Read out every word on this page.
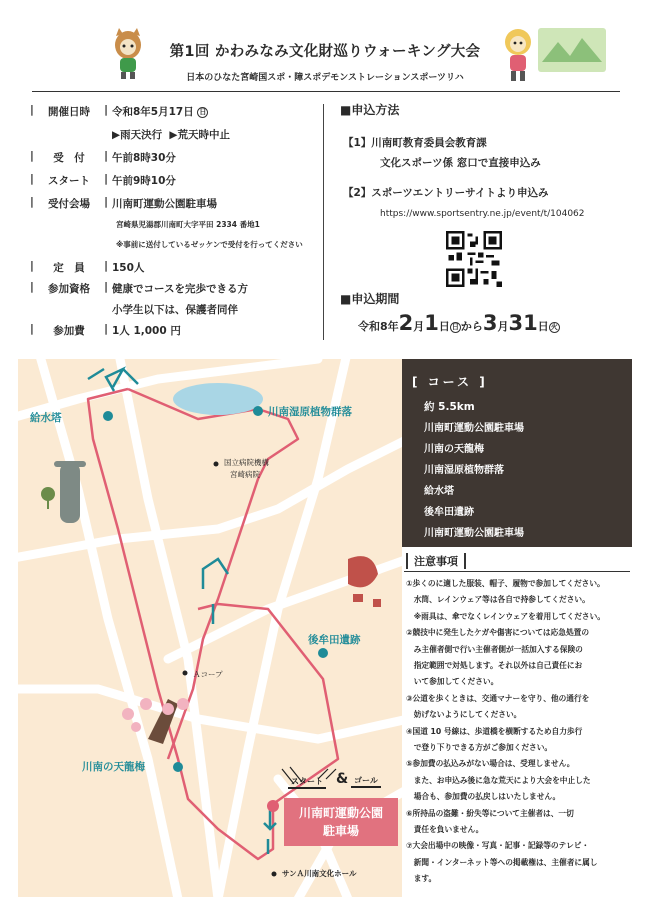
第1回 かわみなみ文化財巡りウォーキング大会
日本のひなた宮崎国スポ・障スポデモンストレーションスポーツリハ
| 開催日時 | 令和8年5月17日 日
▶雨天決行 ▶荒天時中止
| 受　付 | 午前8時30分
| スタート | 午前9時10分
| 受付会場 | 川南町運動公園駐車場
宮崎県児湯郡川南町大字平田 2334 番地1
※事前に送付しているゼッケンで受付を行ってください
| 定　員 | 150人
| 参加資格 | 健康でコースを完歩できる方
小学生以下は、保護者同伴
| 参加費 | 1人 1,000 円
■申込方法
【1】川南町教育委員会教育課
文化スポーツ係 窓口で直接申込み
【2】スポーツエントリーサイトより申込み
https://www.sportsentry.ne.jp/event/t/104062
■申込期間
令和8年2月1日 日 から3月31日 火
給水塔	川南湿原植物群落
国立病院機構
宮崎病院
後牟田遺跡
Ａコープ
川南の天龍梅
スタート & ゴール
サンＡ川南文化ホール
川南町運動公園
駐車場
[ コース ]
約 5.5km
川南町運動公園駐車場
川南の天龍梅
川南湿原植物群落
給水塔
後牟田遺跡
川南町運動公園駐車場
注意事項
①歩くのに適した服装、帽子、履物で参加してください。
　水筒、レインウェア等は各自で持参してください。
　※雨具は、傘でなくレインウェアを着用してください。
②競技中に発生したケガや傷害については応急処置の
　み主催者側で行い主催者側が一括加入する保険の
　指定範囲で対処します。それ以外は自己責任にお
　いて参加してください。
③公道を歩くときは、交通マナーを守り、他の通行を
　妨げないようにしてください。
④国道 10 号線は、歩道橋を横断するため自力歩行
　で登り下りできる方がご参加ください。
⑤参加費の払込みがない場合は、受理しません。
　また、お申込み後に急な荒天により大会を中止した
　場合も、参加費の払戻しはいたしません。
⑥所持品の盗難・紛失等について主催者は、一切
　責任を負いません。
⑦大会出場中の映像・写真・記事・記録等のテレビ・
　新聞・インターネット等への掲載権は、主催者に属し
　ます。
